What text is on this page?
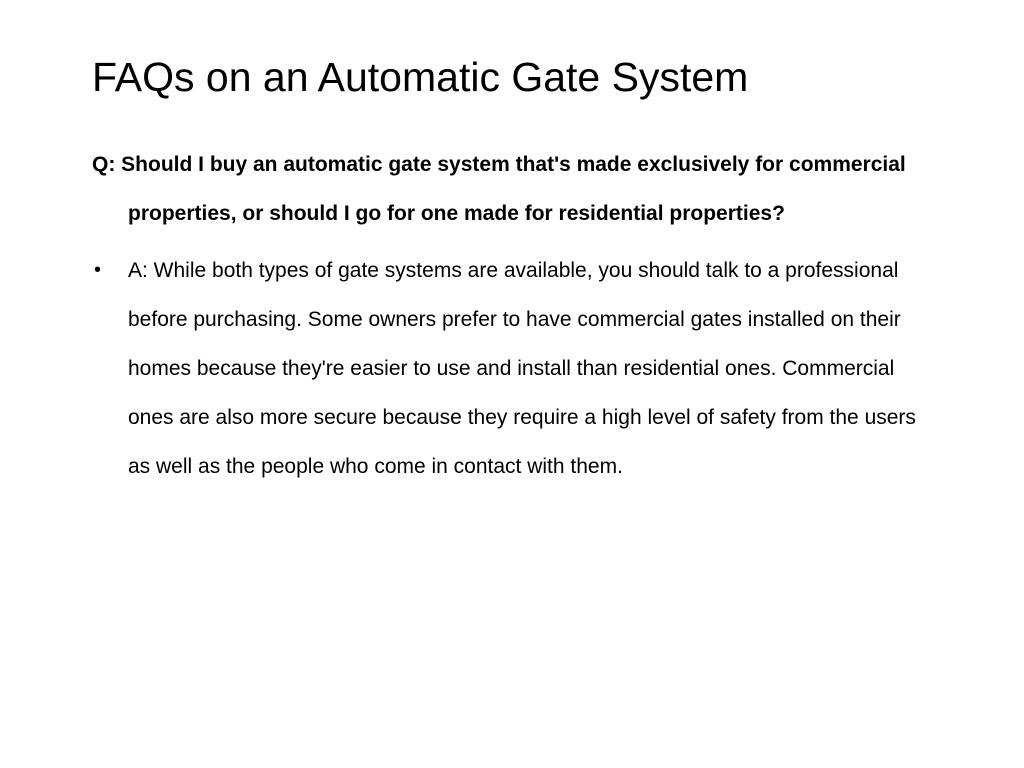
FAQs on an Automatic Gate System

Q: Should I buy an automatic gate system that's made exclusively for commercial properties, or should I go for one made for residential properties?

• A: While both types of gate systems are available, you should talk to a professional before purchasing. Some owners prefer to have commercial gates installed on their homes because they're easier to use and install than residential ones. Commercial ones are also more secure because they require a high level of safety from the users as well as the people who come in contact with them.
